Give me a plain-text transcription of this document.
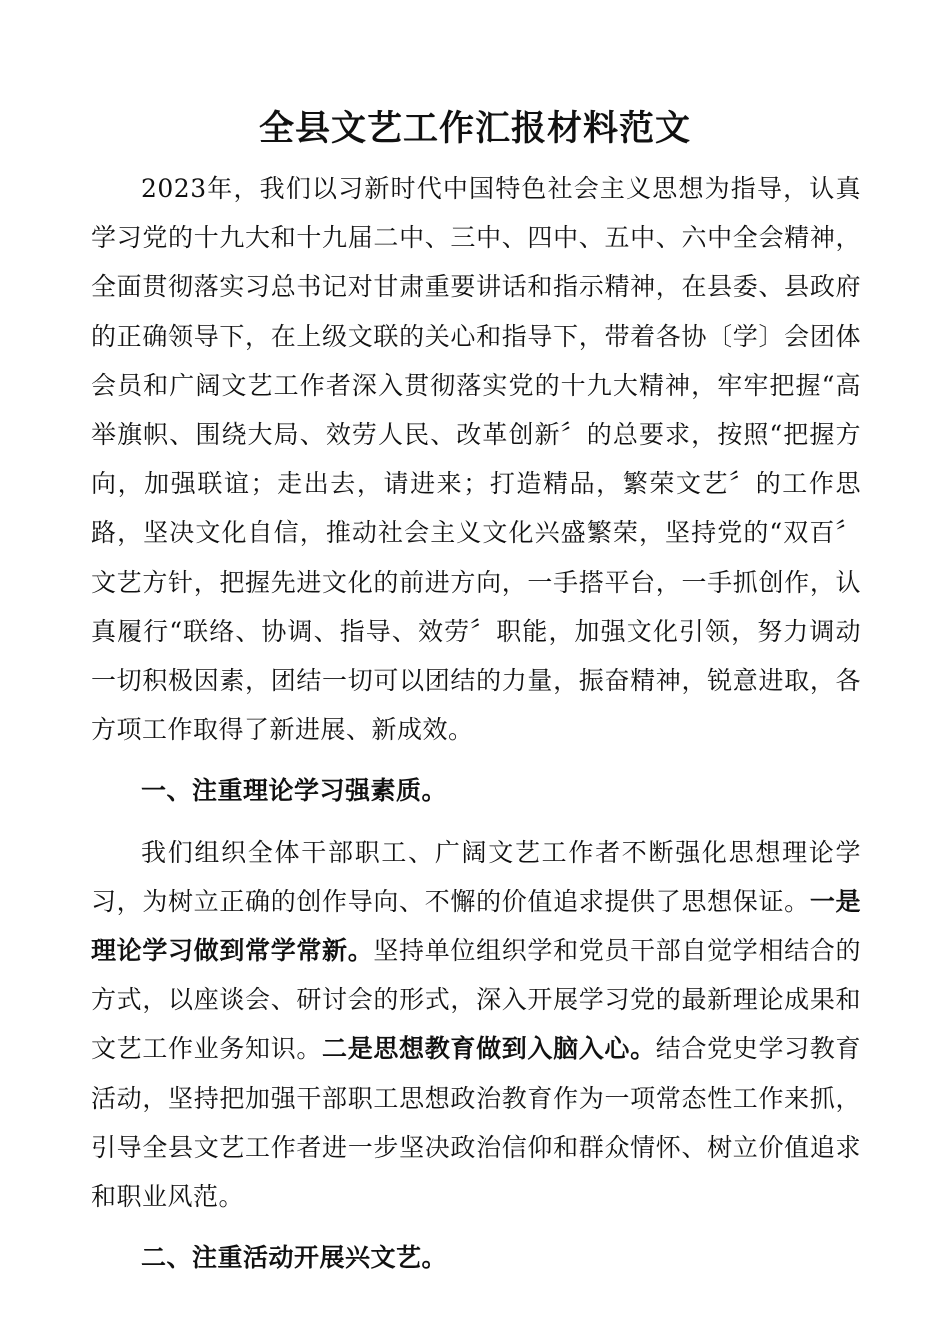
全县文艺工作汇报材料范文

2023年，我们以习新时代中国特色社会主义思想为指导，认真学习党的十九大和十九届二中、三中、四中、五中、六中全会精神，全面贯彻落实习总书记对甘肃重要讲话和指示精神，在县委、县政府的正确领导下，在上级文联的关心和指导下，带着各协〔学〕会团体会员和广阔文艺工作者深入贯彻落实党的十九大精神，牢牢把握“高举旗帜、围绕大局、效劳人民、改革创新〞的总要求，按照“把握方向，加强联谊；走出去，请进来；打造精品，繁荣文艺〞的工作思路，坚决文化自信，推动社会主义文化兴盛繁荣，坚持党的“双百〞文艺方针，把握先进文化的前进方向，一手搭平台，一手抓创作，认真履行“联络、协调、指导、效劳〞职能，加强文化引领，努力调动一切积极因素，团结一切可以团结的力量，振奋精神，锐意进取，各方项工作取得了新进展、新成效。

一、注重理论学习强素质。

我们组织全体干部职工、广阔文艺工作者不断强化思想理论学习，为树立正确的创作导向、不懈的价值追求提供了思想保证。一是理论学习做到常学常新。坚持单位组织学和党员干部自觉学相结合的方式，以座谈会、研讨会的形式，深入开展学习党的最新理论成果和文艺工作业务知识。二是思想教育做到入脑入心。结合党史学习教育活动，坚持把加强干部职工思想政治教育作为一项常态性工作来抓，引导全县文艺工作者进一步坚决政治信仰和群众情怀、树立价值追求和职业风范。

二、注重活动开展兴文艺。
